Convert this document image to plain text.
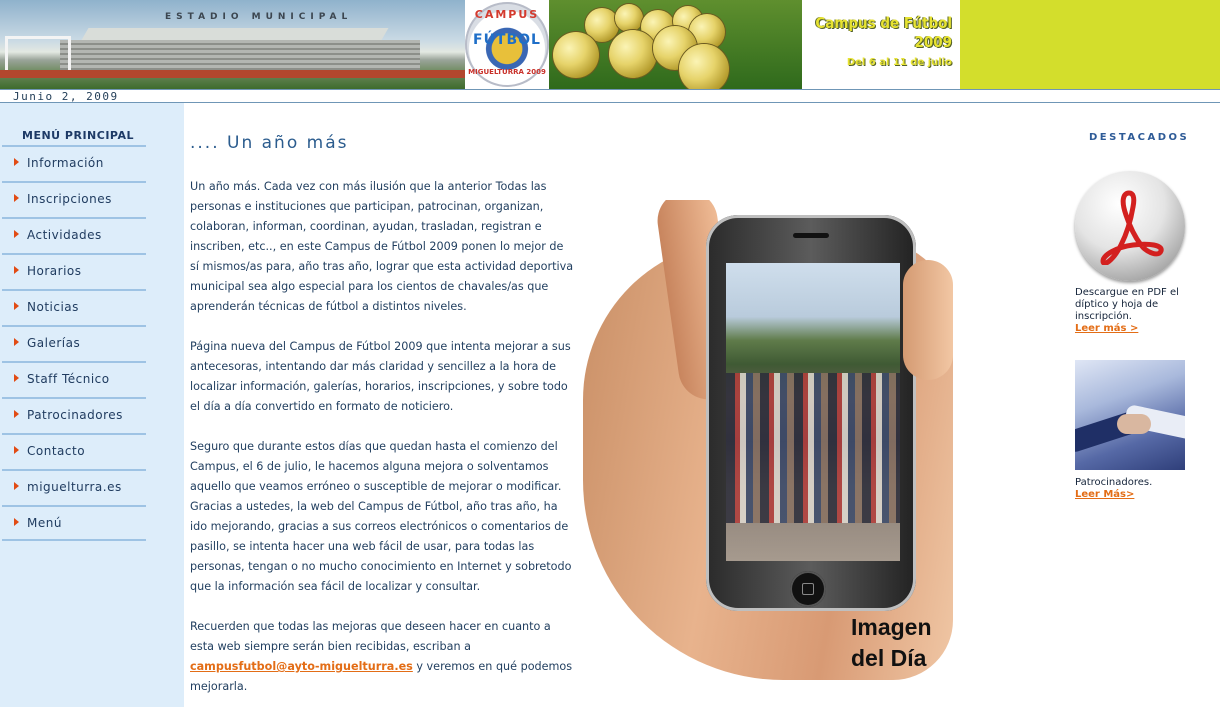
ESTADIO MUNICIPAL	CAMPUS
FÚTBOL
MIGUELTURRA 2009
Campus de Fútbol
2009
Del 6 al 11 de julio
Junio 2, 2009
MENÚ PRINCIPAL
Información
Inscripciones
Actividades
Horarios
Noticias
Galerías
Staff Técnico
Patrocinadores
Contacto
miguelturra.es
Menú
.... Un año más

Un año más. Cada vez con más ilusión que la anterior Todas las personas e instituciones que participan, patrocinan, organizan, colaboran, informan, coordinan, ayudan, trasladan, registran e inscriben, etc.., en este Campus de Fútbol 2009 ponen lo mejor de sí mismos/as para, año tras año, lograr que esta actividad deportiva municipal sea algo especial para los cientos de chavales/as que aprenderán técnicas de fútbol a distintos niveles.

Página nueva del Campus de Fútbol 2009 que intenta mejorar a sus antecesoras, intentando dar más claridad y sencillez a la hora de localizar información, galerías, horarios, inscripciones, y sobre todo el día a día convertido en formato de noticiero.

Seguro que durante estos días que quedan hasta el comienzo del Campus, el 6 de julio, le hacemos alguna mejora o solventamos aquello que veamos erróneo o susceptible de mejorar o modificar. Gracias a ustedes, la web del Campus de Fútbol, año tras año, ha ido mejorando, gracias a sus correos electrónicos o comentarios de pasillo, se intenta hacer una web fácil de usar, para todas las personas, tengan o no mucho conocimiento en Internet y sobretodo que la información sea fácil de localizar y consultar.

Recuerden que todas las mejoras que deseen hacer en cuanto a esta web siempre serán bien recibidas, escriban a campusfutbol@ayto-miguelturra.es y veremos en qué podemos mejorarla.

Imagen
del Día
DESTACADOS
Descargue en PDF el díptico y hoja de inscripción.
Leer más >
Patrocinadores.
Leer Más>
